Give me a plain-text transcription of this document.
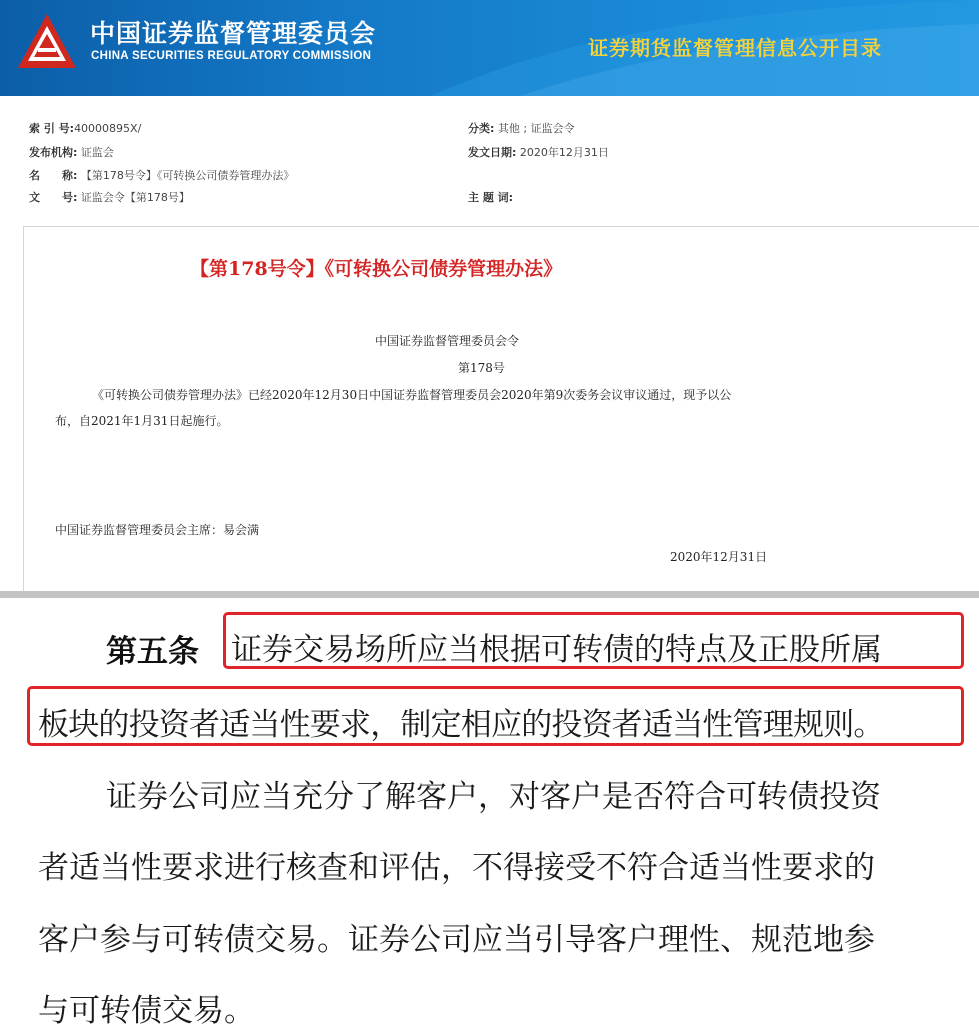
中国证券监督管理委员会
CHINA SECURITIES REGULATORY COMMISSION	证券期货监督管理信息公开目录
索 引 号:40000895X/	分类: 其他 ; 证监会令
发布机构: 证监会	发文日期: 2020年12月31日
名　　称: 【第178号令】《可转换公司债券管理办法》
文　　号: 证监会令【第178号】	主 题 词:
【第178号令】《可转换公司债券管理办法》
中国证券监督管理委员会令
第178号
《可转换公司债券管理办法》已经2020年12月30日中国证券监督管理委员会2020年第9次委务会议审议通过，现予以公
布，自2021年1月31日起施行。
中国证券监督管理委员会主席：易会满
2020年12月31日
第五条 证券交易场所应当根据可转债的特点及正股所属
板块的投资者适当性要求，制定相应的投资者适当性管理规则。
证券公司应当充分了解客户，对客户是否符合可转债投资
者适当性要求进行核查和评估，不得接受不符合适当性要求的
客户参与可转债交易。证券公司应当引导客户理性、规范地参
与可转债交易。
